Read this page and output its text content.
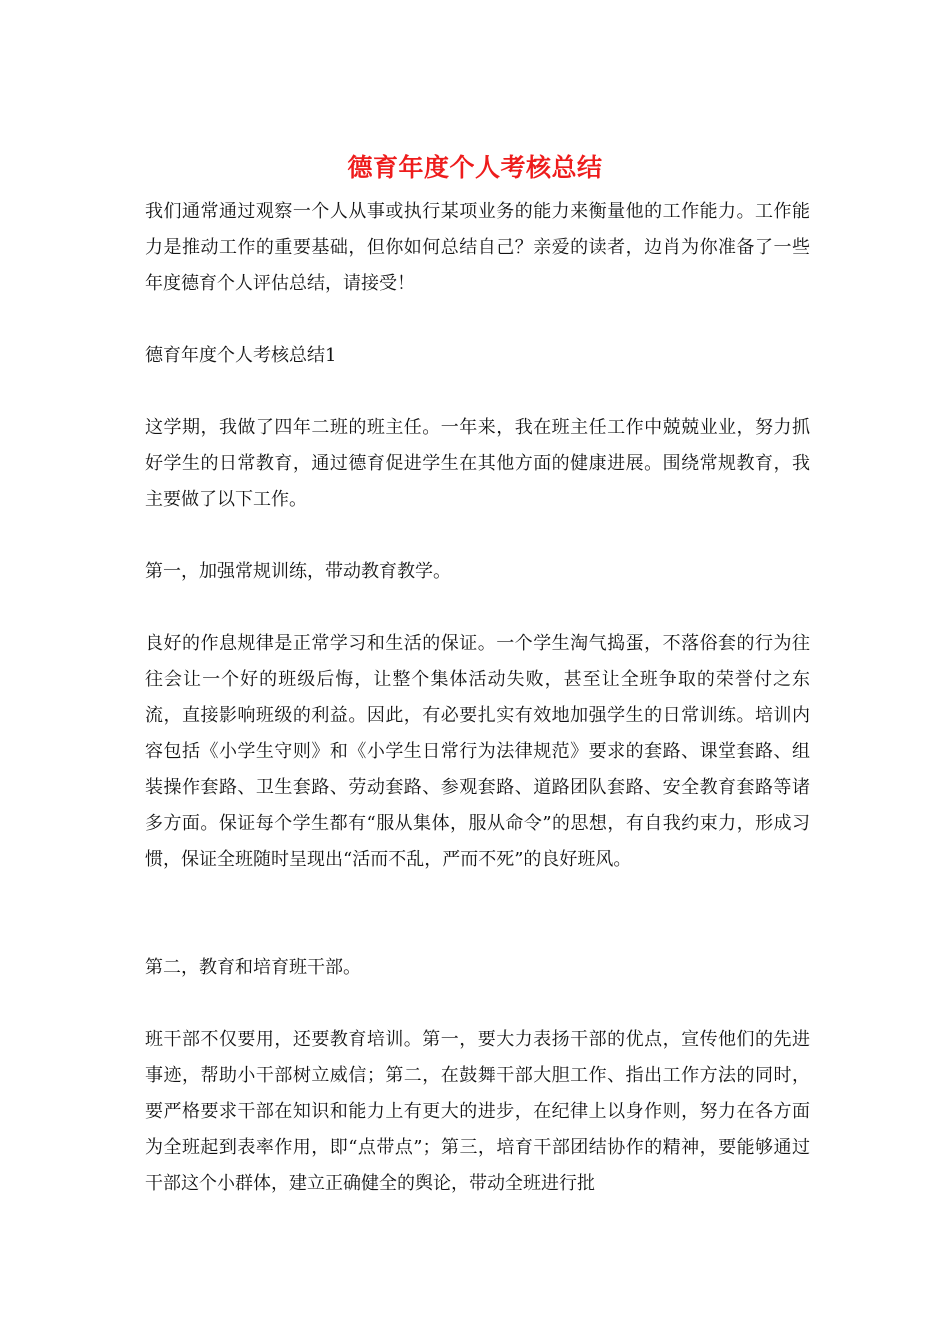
德育年度个人考核总结
我们通常通过观察一个人从事或执行某项业务的能力来衡量他的工作能力。工作能力是推动工作的重要基础，但你如何总结自己？亲爱的读者，边肖为你准备了一些年度德育个人评估总结，请接受！
德育年度个人考核总结1
这学期，我做了四年二班的班主任。一年来，我在班主任工作中兢兢业业，努力抓好学生的日常教育，通过德育促进学生在其他方面的健康进展。围绕常规教育，我主要做了以下工作。
第一，加强常规训练，带动教育教学。
良好的作息规律是正常学习和生活的保证。一个学生淘气捣蛋，不落俗套的行为往往会让一个好的班级后悔，让整个集体活动失败，甚至让全班争取的荣誉付之东流，直接影响班级的利益。因此，有必要扎实有效地加强学生的日常训练。培训内容包括《小学生守则》和《小学生日常行为法律规范》要求的套路、课堂套路、组装操作套路、卫生套路、劳动套路、参观套路、道路团队套路、安全教育套路等诸多方面。保证每个学生都有“服从集体，服从命令”的思想，有自我约束力，形成习惯，保证全班随时呈现出“活而不乱，严而不死”的良好班风。
第二，教育和培育班干部。
班干部不仅要用，还要教育培训。第一，要大力表扬干部的优点，宣传他们的先进事迹，帮助小干部树立威信；第二，在鼓舞干部大胆工作、指出工作方法的同时，要严格要求干部在知识和能力上有更大的进步，在纪律上以身作则，努力在各方面为全班起到表率作用，即“点带点”；第三，培育干部团结协作的精神，要能够通过干部这个小群体，建立正确健全的舆论，带动全班进行批
